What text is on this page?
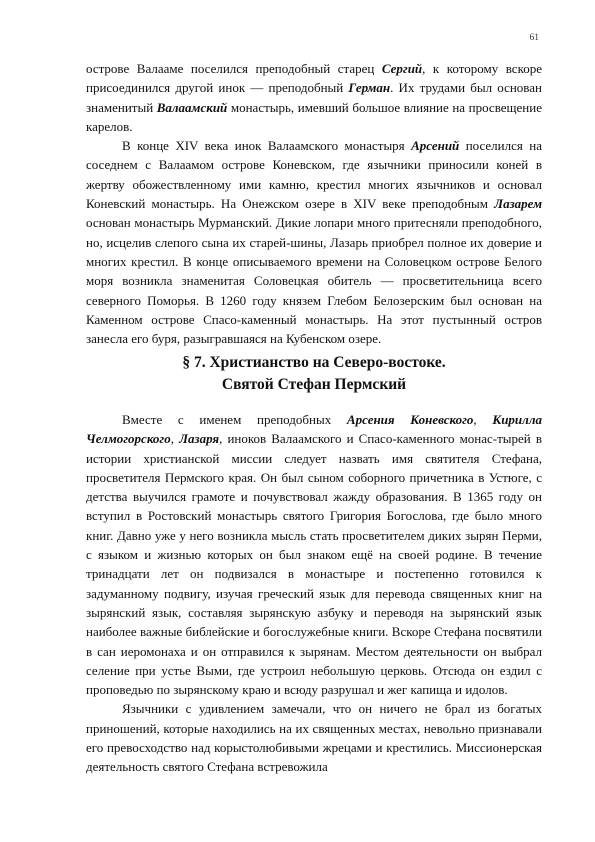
61

острове Валааме поселился преподобный старец Сергий, к которому вскоре присоединился другой инок — преподобный Герман. Их трудами был основан знаменитый Валаамский монастырь, имевший большое влияние на просвещение карелов.

В конце XIV века инок Валаамского монастыря Арсений поселился на соседнем с Валаамом острове Коневском, где язычники приносили коней в жертву обожествленному ими камню, крестил многих язычников и основал Коневский монастырь. На Онежском озере в XIV веке преподобным Лазарем основан монастырь Мурманский. Дикие лопари много притесняли преподобного, но, исцелив слепого сына их старей-шины, Лазарь приобрел полное их доверие и многих крестил. В конце описываемого времени на Соловецком острове Белого моря возникла знаменитая Соловецкая обитель — просветительница всего северного Поморья. В 1260 году князем Глебом Белозерским был основан на Каменном острове Спасо-каменный монастырь. На этот пустынный остров занесла его буря, разыгравшаяся на Кубенском озере.

§ 7. Христианство на Северо-востоке.
Святой Стефан Пермский

Вместе с именем преподобных Арсения Коневского, Кирилла Челмогорского, Лазаря, иноков Валаамского и Спасо-каменного монас-тырей в истории христианской миссии следует назвать имя святителя Стефана, просветителя Пермского края. Он был сыном соборного причетника в Устюге, с детства выучился грамоте и почувствовал жажду образования. В 1365 году он вступил в Ростовский монастырь святого Григория Богослова, где было много книг. Давно уже у него возникла мысль стать просветителем диких зырян Перми, с языком и жизнью которых он был знаком ещё на своей родине. В течение тринадцати лет он подвизался в монастыре и постепенно готовился к задуманному подвигу, изучая греческий язык для перевода священных книг на зырянский язык, составляя зырянскую азбуку и переводя на зырянский язык наиболее важные библейские и богослужебные книги. Вскоре Стефана посвятили в сан иеромонаха и он отправился к зырянам. Местом деятельности он выбрал селение при устье Выми, где устроил небольшую церковь. Отсюда он ездил с проповедью по зырянскому краю и всюду разрушал и жег капища и идолов.

Язычники с удивлением замечали, что он ничего не брал из богатых приношений, которые находились на их священных местах, невольно признавали его превосходство над корыстолюбивыми жрецами и крестились. Миссионерская деятельность святого Стефана встревожила
